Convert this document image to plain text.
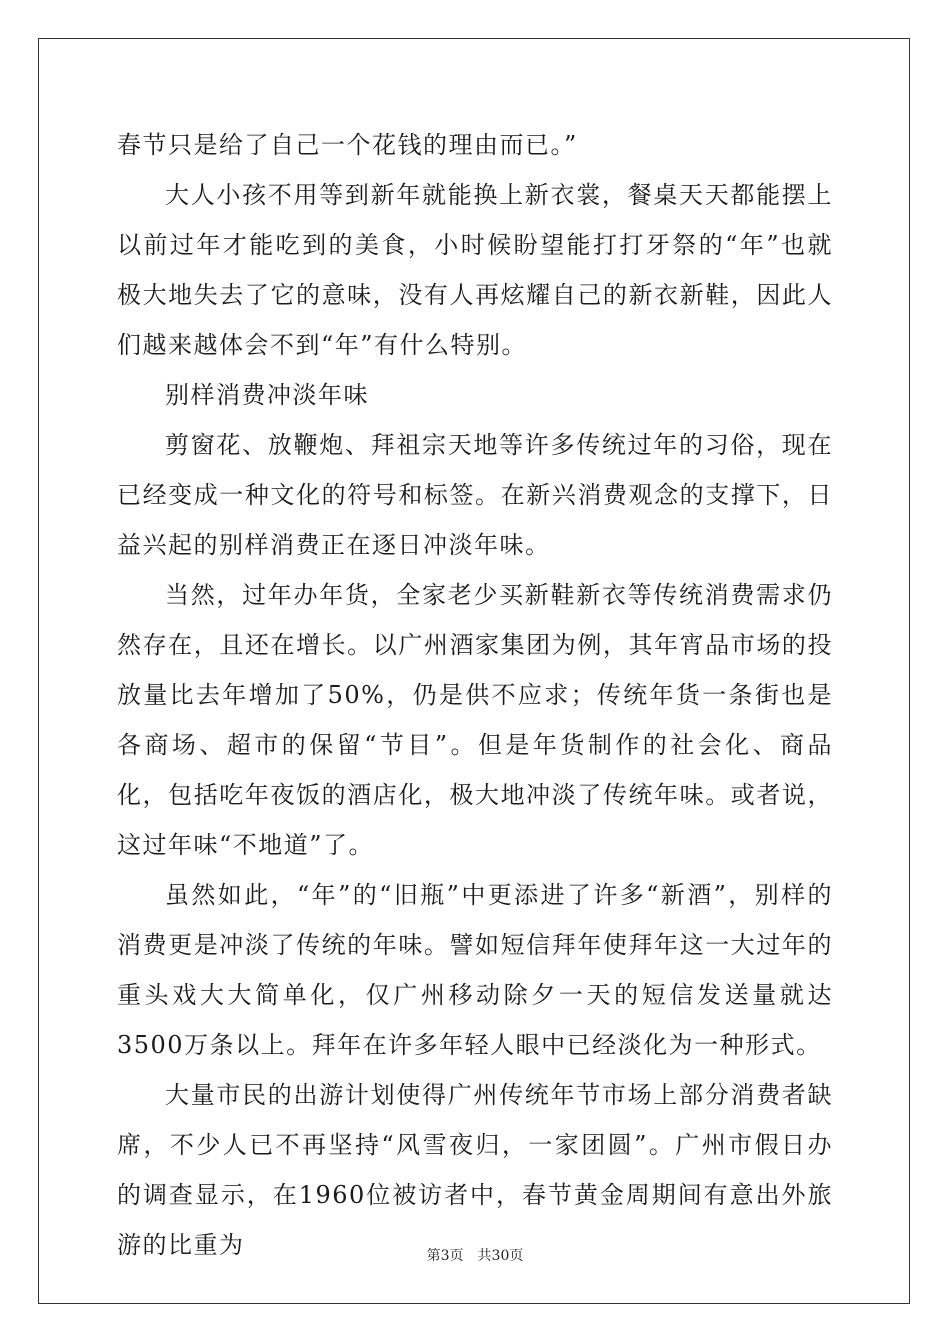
春节只是给了自己一个花钱的理由而已。”

大人小孩不用等到新年就能换上新衣裳，餐桌天天都能摆上以前过年才能吃到的美食，小时候盼望能打打牙祭的“年”也就极大地失去了它的意味，没有人再炫耀自己的新衣新鞋，因此人们越来越体会不到“年”有什么特别。

别样消费冲淡年味

剪窗花、放鞭炮、拜祖宗天地等许多传统过年的习俗，现在已经变成一种文化的符号和标签。在新兴消费观念的支撑下，日益兴起的别样消费正在逐日冲淡年味。

当然，过年办年货，全家老少买新鞋新衣等传统消费需求仍然存在，且还在增长。以广州酒家集团为例，其年宵品市场的投放量比去年增加了50%，仍是供不应求；传统年货一条街也是各商场、超市的保留“节目”。但是年货制作的社会化、商品化，包括吃年夜饭的酒店化，极大地冲淡了传统年味。或者说，这过年味“不地道”了。

虽然如此，“年”的“旧瓶”中更添进了许多“新酒”，别样的消费更是冲淡了传统的年味。譬如短信拜年使拜年这一大过年的重头戏大大简单化，仅广州移动除夕一天的短信发送量就达3500万条以上。拜年在许多年轻人眼中已经淡化为一种形式。

大量市民的出游计划使得广州传统年节市场上部分消费者缺席，不少人已不再坚持“风雪夜归，一家团圆”。广州市假日办的调查显示，在1960位被访者中，春节黄金周期间有意出外旅游的比重为	第3页　共30页
